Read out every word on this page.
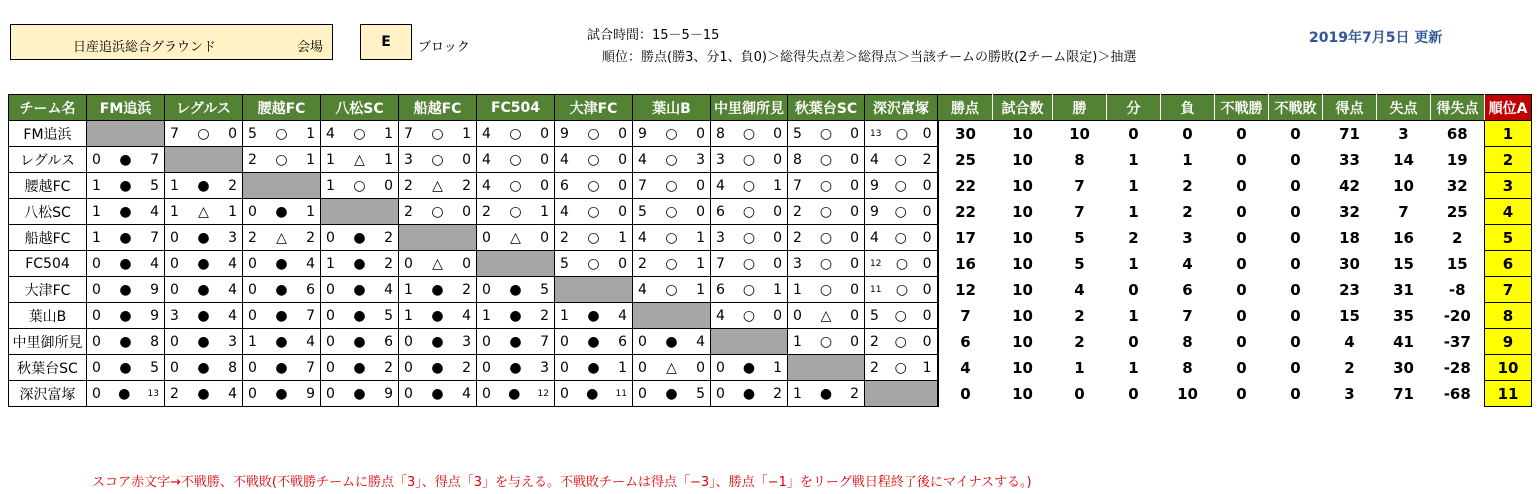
日産追浜総合グラウンド	会場	E	ブロック
試合時間：15－5－15
順位：勝点(勝3、分1、負0)＞総得失点差＞総得点＞当該チームの勝敗(2チーム限定)＞抽選
2019年7月5日 更新
チーム名	FM追浜	レグルス	腰越FC	八松SC	船越FC	FC504	大津FC	葉山B	中里御所見	秋葉台SC	深沢富塚	勝点	試合数	勝	分	負	不戦勝	不戦敗	得点	失点	得失点	順位A
FM追浜		7 ○ 0	5 ○ 1	4 ○ 1	7 ○ 1	4 ○ 0	9 ○ 0	9 ○ 0	8 ○ 0	5 ○ 0	13 ○ 0	30	10	10	0	0	0	0	71	3	68	1
レグルス	0 ● 7		2 ○ 1	1 △ 1	3 ○ 0	4 ○ 0	4 ○ 0	4 ○ 3	3 ○ 0	8 ○ 0	4 ○ 2	25	10	8	1	1	0	0	33	14	19	2
腰越FC	1 ● 5	1 ● 2		1 ○ 0	2 △ 2	4 ○ 0	6 ○ 0	7 ○ 0	4 ○ 1	7 ○ 0	9 ○ 0	22	10	7	1	2	0	0	42	10	32	3
八松SC	1 ● 4	1 △ 1	0 ● 1		2 ○ 0	2 ○ 1	4 ○ 0	5 ○ 0	6 ○ 0	2 ○ 0	9 ○ 0	22	10	7	1	2	0	0	32	7	25	4
船越FC	1 ● 7	0 ● 3	2 △ 2	0 ● 2		0 △ 0	2 ○ 1	4 ○ 1	3 ○ 0	2 ○ 0	4 ○ 0	17	10	5	2	3	0	0	18	16	2	5
FC504	0 ● 4	0 ● 4	0 ● 4	1 ● 2	0 △ 0		5 ○ 0	2 ○ 1	7 ○ 0	3 ○ 0	12 ○ 0	16	10	5	1	4	0	0	30	15	15	6
大津FC	0 ● 9	0 ● 4	0 ● 6	0 ● 4	1 ● 2	0 ● 5		4 ○ 1	6 ○ 1	1 ○ 0	11 ○ 0	12	10	4	0	6	0	0	23	31	-8	7
葉山B	0 ● 9	3 ● 4	0 ● 7	0 ● 5	1 ● 4	1 ● 2	1 ● 4		4 ○ 0	0 △ 0	5 ○ 0	7	10	2	1	7	0	0	15	35	-20	8
中里御所見	0 ● 8	0 ● 3	1 ● 4	0 ● 6	0 ● 3	0 ● 7	0 ● 6	0 ● 4		1 ○ 0	2 ○ 0	6	10	2	0	8	0	0	4	41	-37	9
秋葉台SC	0 ● 5	0 ● 8	0 ● 7	0 ● 2	0 ● 2	0 ● 3	0 ● 1	0 △ 0	0 ● 1		2 ○ 1	4	10	1	1	8	0	0	2	30	-28	10
深沢富塚	0 ● 13	2 ● 4	0 ● 9	0 ● 9	0 ● 4	0 ● 12	0 ● 11	0 ● 5	0 ● 2	1 ● 2		0	10	0	0	10	0	0	3	71	-68	11
スコア赤文字→不戦勝、不戦敗(不戦勝チームに勝点「3」、得点「3」を与える。不戦敗チームは得点「−3」、勝点「−1」をリーグ戦日程終了後にマイナスする。)
